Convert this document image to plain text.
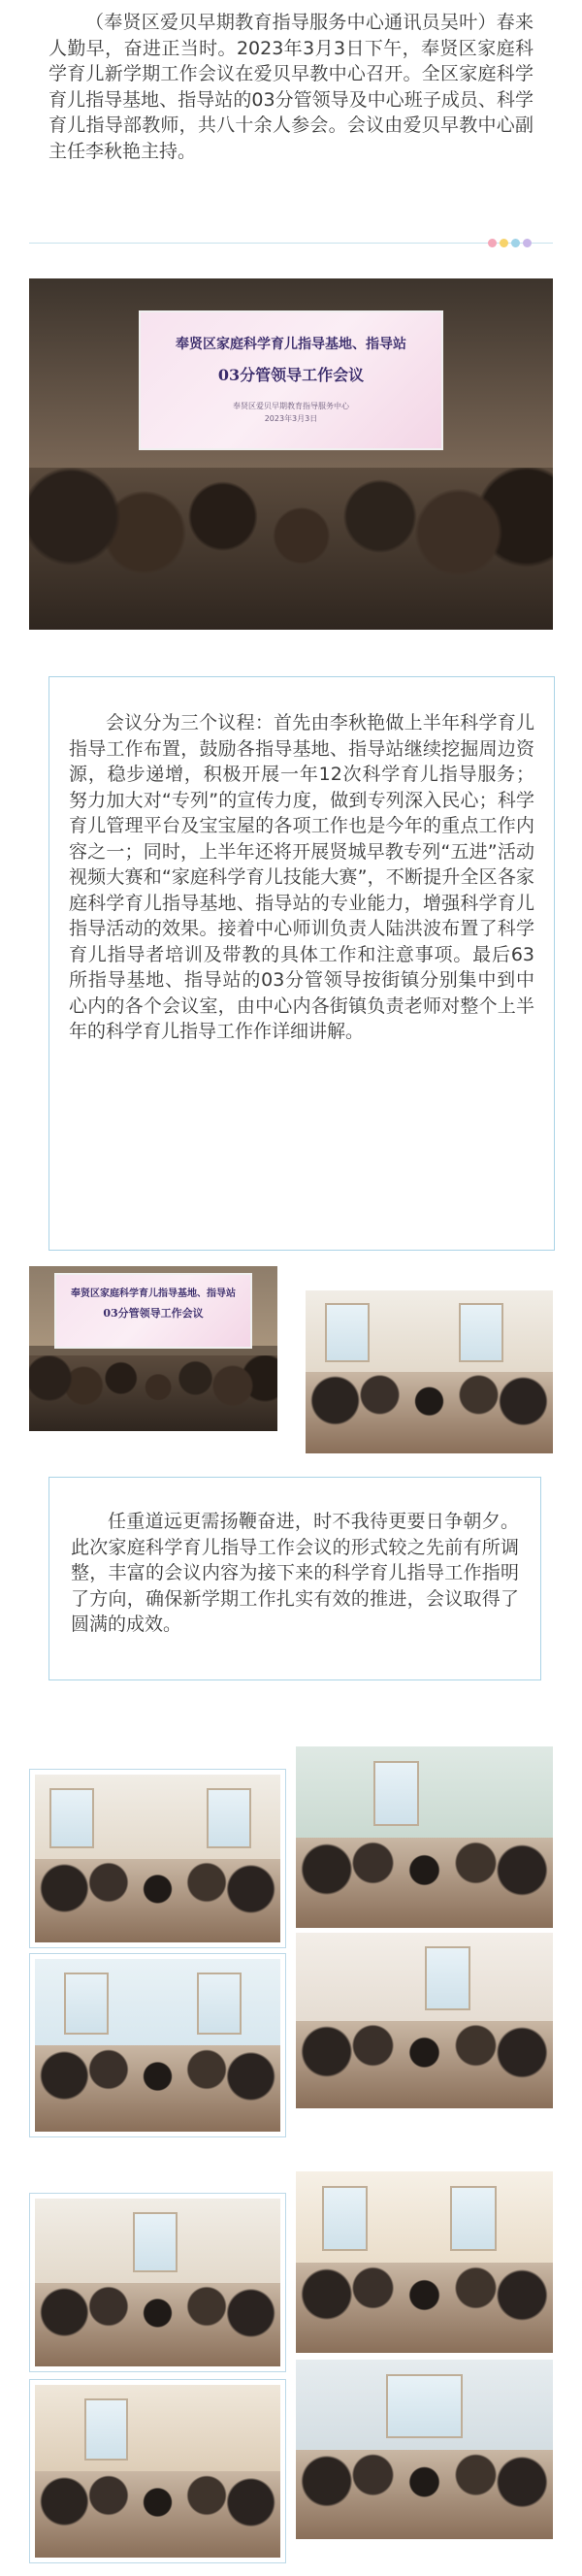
（奉贤区爱贝早期教育指导服务中心通讯员吴叶）春来人勤早，奋进正当时。2023年3月3日下午，奉贤区家庭科学育儿新学期工作会议在爱贝早教中心召开。全区家庭科学育儿指导基地、指导站的03分管领导及中心班子成员、科学育儿指导部教师，共八十余人参会。会议由爱贝早教中心副主任李秋艳主持。

奉贤区家庭科学育儿指导基地、指导站
03分管领导工作会议
奉贤区爱贝早期教育指导服务中心
2023年3月3日

会议分为三个议程：首先由李秋艳做上半年科学育儿指导工作布置，鼓励各指导基地、指导站继续挖掘周边资源，稳步递增，积极开展一年12次科学育儿指导服务；努力加大对“专列”的宣传力度，做到专列深入民心；科学育儿管理平台及宝宝屋的各项工作也是今年的重点工作内容之一；同时，上半年还将开展贤城早教专列“五进”活动视频大赛和“家庭科学育儿技能大赛”，不断提升全区各家庭科学育儿指导基地、指导站的专业能力，增强科学育儿指导活动的效果。接着中心师训负责人陆洪波布置了科学育儿指导者培训及带教的具体工作和注意事项。最后63所指导基地、指导站的03分管领导按街镇分别集中到中心内的各个会议室，由中心内各街镇负责老师对整个上半年的科学育儿指导工作作详细讲解。

奉贤区家庭科学育儿指导基地、指导站
03分管领导工作会议

任重道远更需扬鞭奋进，时不我待更要日争朝夕。此次家庭科学育儿指导工作会议的形式较之先前有所调整，丰富的会议内容为接下来的科学育儿指导工作指明了方向，确保新学期工作扎实有效的推进，会议取得了圆满的成效。
